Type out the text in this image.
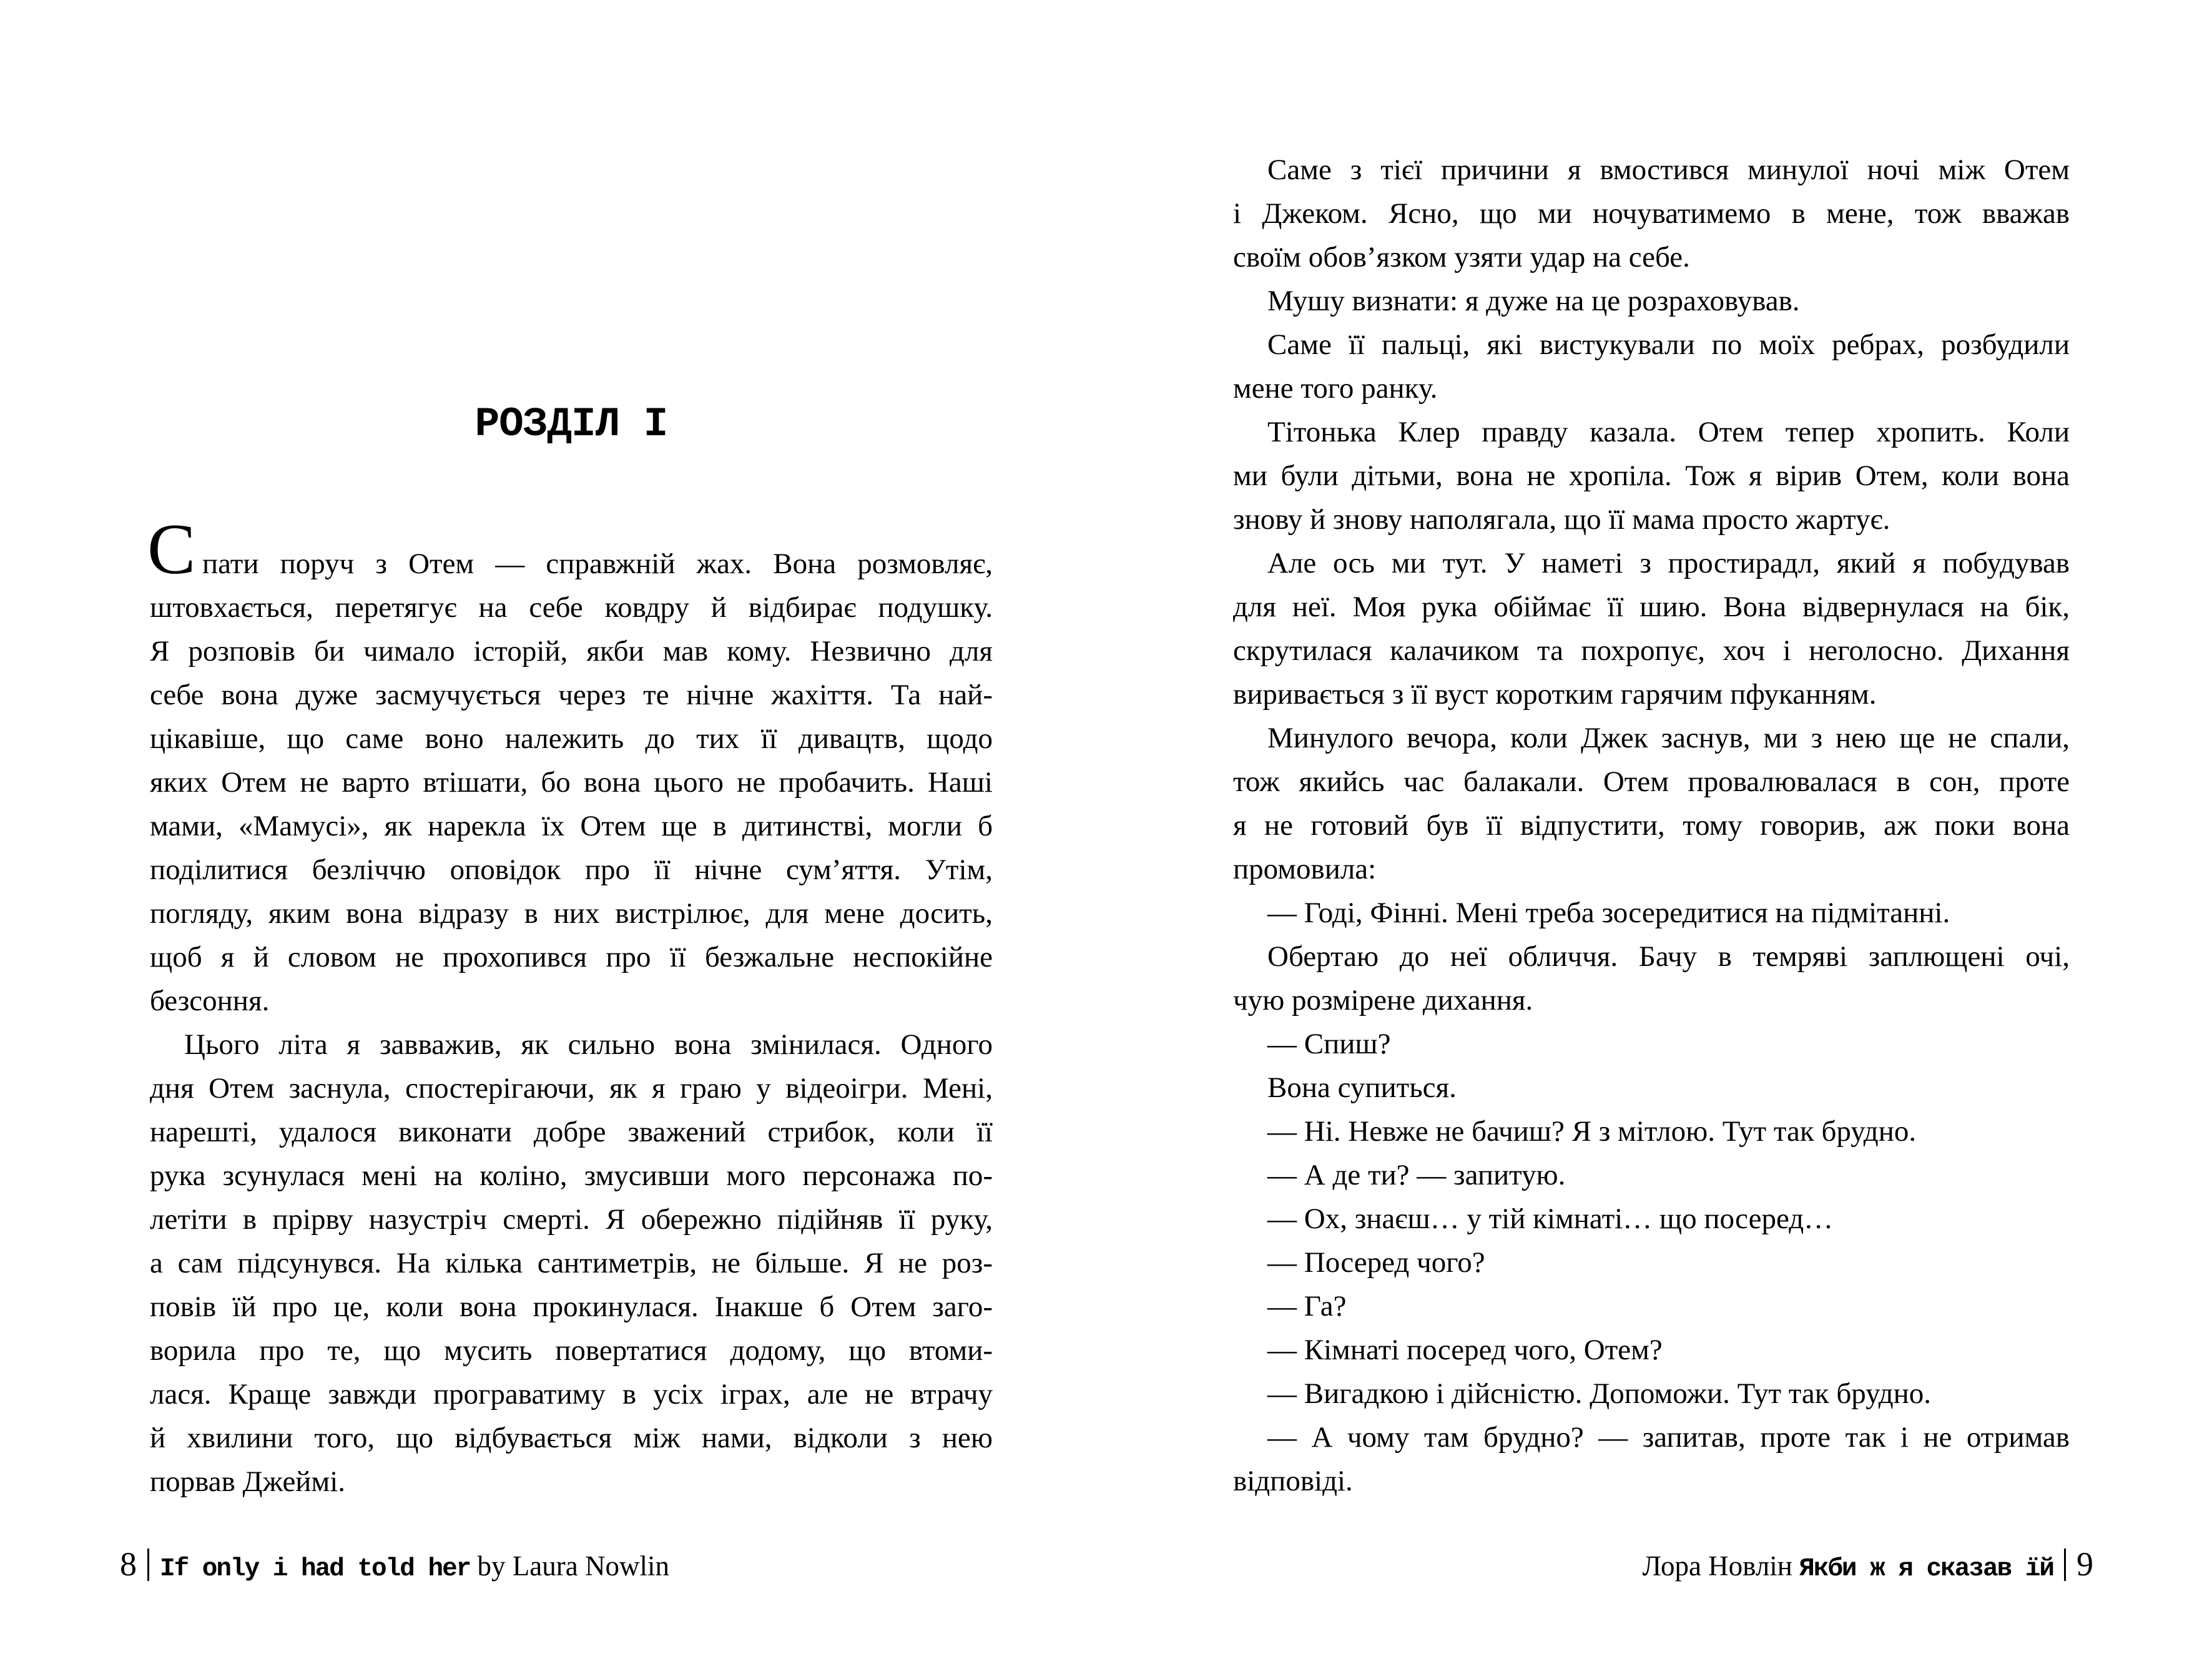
РОЗДІЛ I
С пати поруч з Отем — справжній жах. Вона розмовляє,
штовхається, перетягує на себе ковдру й відбирає подушку.
Я розповів би чимало історій, якби мав кому. Незвично для
себе вона дуже засмучується через те нічне жахіття. Та най-
цікавіше, що саме воно належить до тих її дивацтв, щодо
яких Отем не варто втішати, бо вона цього не пробачить. Наші
мами, «Мамусі», як нарекла їх Отем ще в дитинстві, могли б
поділитися безліччю оповідок про її нічне сум’яття. Утім,
погляду, яким вона відразу в них вистрілює, для мене досить,
щоб я й словом не прохопився про її безжальне неспокійне
безсоння.
Цього літа я завважив, як сильно вона змінилася. Одного
дня Отем заснула, спостерігаючи, як я граю у відеоігри. Мені,
нарешті, удалося виконати добре зважений стрибок, коли її
рука зсунулася мені на коліно, змусивши мого персонажа по-
летіти в прірву назустріч смерті. Я обережно підійняв її руку,
а сам підсунувся. На кілька сантиметрів, не більше. Я не роз-
повів їй про це, коли вона прокинулася. Інакше б Отем заго-
ворила про те, що мусить повертатися додому, що втоми-
лася. Краще завжди програватиму в усіх іграх, але не втрачу
й хвилини того, що відбувається між нами, відколи з нею
порвав Джеймі.
8 If only i had told her by Laura Nowlin
Саме з тієї причини я вмостився минулої ночі між Отем
і Джеком. Ясно, що ми ночуватимемо в мене, тож вважав
своїм обов’язком узяти удар на себе.
Мушу визнати: я дуже на це розраховував.
Саме її пальці, які вистукували по моїх ребрах, розбудили
мене того ранку.
Тітонька Клер правду казала. Отем тепер хропить. Коли
ми були дітьми, вона не хропіла. Тож я вірив Отем, коли вона
знову й знову наполягала, що її мама просто жартує.
Але ось ми тут. У наметі з простирадл, який я побудував
для неї. Моя рука обіймає її шию. Вона відвернулася на бік,
скрутилася калачиком та похропує, хоч і неголосно. Дихання
виривається з її вуст коротким гарячим пфуканням.
Минулого вечора, коли Джек заснув, ми з нею ще не спали,
тож якийсь час балакали. Отем провалювалася в сон, проте
я не готовий був її відпустити, тому говорив, аж поки вона
промовила:
— Годі, Фінні. Мені треба зосередитися на підмітанні.
Обертаю до неї обличчя. Бачу в темряві заплющені очі,
чую розмірене дихання.
— Спиш?
Вона супиться.
— Ні. Невже не бачиш? Я з мітлою. Тут так брудно.
— А де ти? — запитую.
— Ох, знаєш… у тій кімнаті… що посеред…
— Посеред чого?
— Га?
— Кімнаті посеред чого, Отем?
— Вигадкою і дійсністю. Допоможи. Тут так брудно.
— А чому там брудно? — запитав, проте так і не отримав
відповіді.
Лора Новлін Якби ж я сказав їй 9
